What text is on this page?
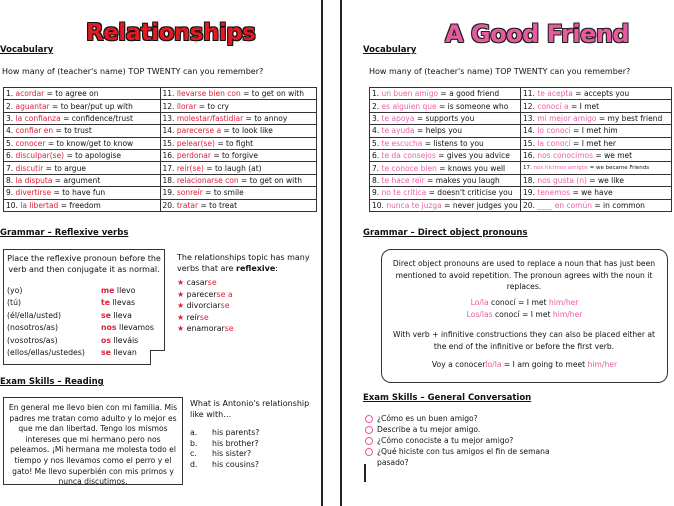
Relationships
Vocabulary
How many of (teacher's name) TOP TWENTY can you remember?
1. acordar = to agree on	11. llevarse bien con = to get on with
2. aguantar = to bear/put up with	12. llorar = to cry
3. la confianza = confidence/trust	13. molestar/fastidiar = to annoy
4. confiar en = to trust	14. parecerse a = to look like
5. conocer = to know/get to know	15. pelear(se) = to fight
6. disculpar(se) = to apologise	16. perdonar = to forgive
7. discutir = to argue	17. reír(se) = to laugh (at)
8. la disputa = argument	18. relacionarse con = to get on with
9. divertirse = to have fun	19. sonreír = to smile
10. la libertad = freedom	20. tratar = to treat
Grammar – Reflexive verbs
Place the reflexive pronoun before the verb and then conjugate it as normal.
(yo)	me llevo
(tú)	te llevas
(él/ella/usted)	se lleva
(nosotros/as)	nos llevamos
(vosotros/as)	os lleváis
(ellos/ellas/ustedes) se llevan
The relationships topic has many verbs that are reflexive:
★ casarse
★ parecerse a
★ divorciarse
★ reírse
★ enamorarse
Exam Skills – Reading
En general me llevo bien con mi familia. Mis padres me tratan como adulto y lo mejor es que me dan libertad. Tengo los mismos intereses que mi hermano pero nos peleamos. ¡Mi hermana me molesta todo el tiempo y nos llevamos como el perro y el gato! Me llevo superbién con mis primos y nunca discutimos.
What is Antonio's relationship like with…
a. his parents?
b. his brother?
c. his sister?
d. his cousins?
A Good Friend
Vocabulary
How many of (teacher's name) TOP TWENTY can you remember?
1. un buen amigo = a good friend	11. te acepta = accepts you
2. es alguien que = is someone who	12. conocí a = I met
3. te apoya = supports you	13. mi mejor amigo = my best friend
4. te ayuda = helps you	14. lo conocí = I met him
5. te escucha = listens to you	15. la conocí = I met her
6. te da consejos = gives you advice	16. nos conocimos = we met
7. te conoce bien = knows you well	17. nos hicimos amigos = we became Friends
8. te hace reír = makes you laugh	18. nos gusta (n) = we like
9. no te critica = doesn't criticise you	19. tenemos = we have
10. nunca te juzga = never judges you	20. ____ en común = in common
Grammar – Direct object pronouns
Direct object pronouns are used to replace a noun that has just been mentioned to avoid repetition. The pronoun agrees with the noun it replaces.
Lo/la conocí = I met him/her
Los/las conocí = I met him/her
With verb + infinitive constructions they can also be placed either at the end of the infinitive or before the first verb.
Voy a conocerlo/la = I am going to meet him/her
Exam Skills – General Conversation
¿Cómo es un buen amigo?
Describe a tu mejor amigo.
¿Cómo conociste a tu mejor amigo?
¿Qué hiciste con tus amigos el fin de semana pasado?
